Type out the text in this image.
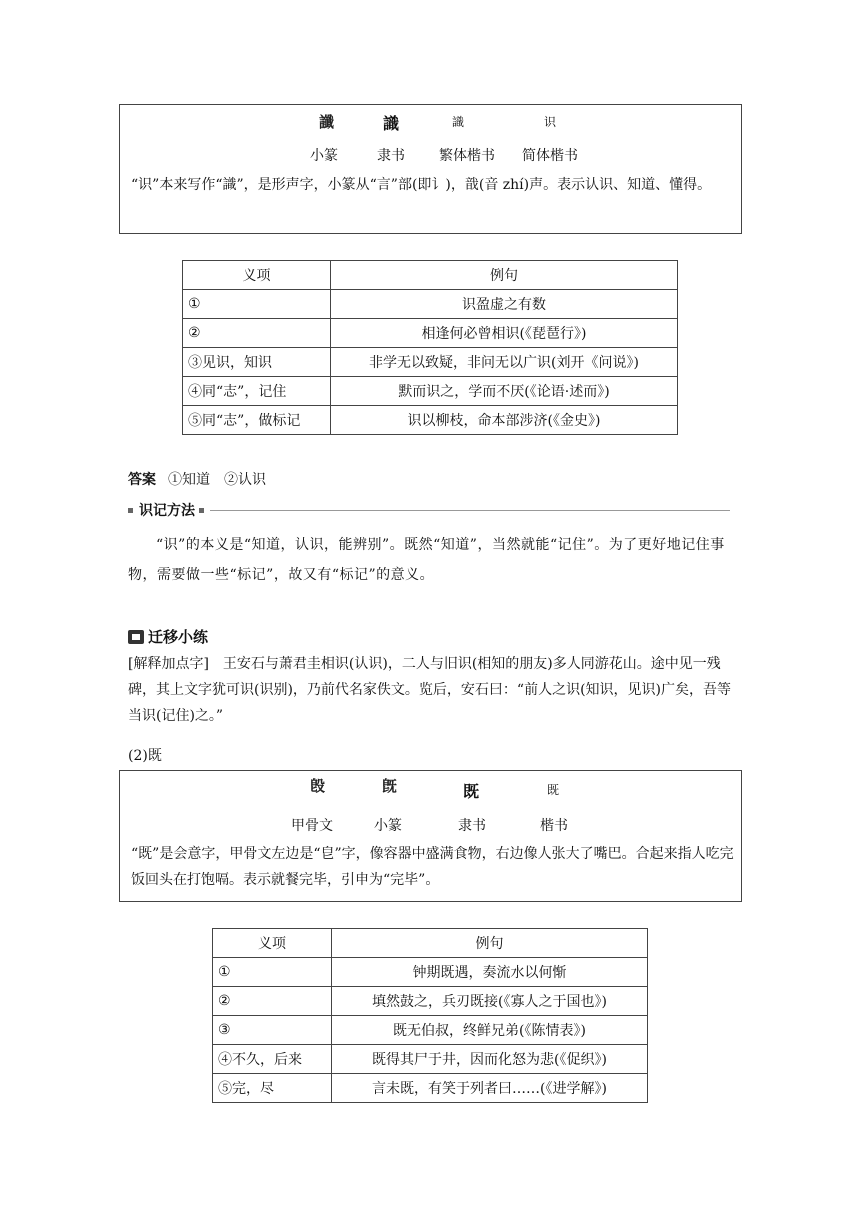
讖	識	識	识
小篆	隶书 繁体楷书 简体楷书
“识”本来写作“識”，是形声字，小篆从“言”部(即讠)，戠(音 zhí)声。表示认识、知道、懂得。
义项	例句
①	识盈虚之有数
②	相逢何必曾相识(《琵琶行》)
③见识，知识	非学无以致疑，非问无以广识(刘开《问说》)
④同“志”，记住	默而识之，学而不厌(《论语·述而》)
⑤同“志”，做标记	识以柳枝，命本部涉济(《金史》)
答案 ①知道　②认识
识记方法
“识”的本义是“知道，认识，能辨别”。既然“知道”，当然就能“记住”。为了更好地记住事物，需要做一些“标记”，故又有“标记”的意义。
迁移小练
[解释加点字]　王安石与萧君圭相识(认识)，二人与旧识(相知的朋友)多人同游花山。途中见一残碑，其上文字犹可识(识别)，乃前代名家佚文。览后，安石曰：“前人之识(知识，见识)广矣，吾等当识(记住)之。”
(2)既
𣪘	旣	既	既
甲骨文	小篆	隶书	楷书
“既”是会意字，甲骨文左边是“皀”字，像容器中盛满食物，右边像人张大了嘴巴。合起来指人吃完饭回头在打饱嗝。表示就餐完毕，引申为“完毕”。
义项	例句
①	钟期既遇，奏流水以何惭
②	填然鼓之，兵刃既接(《寡人之于国也》)
③	既无伯叔，终鲜兄弟(《陈情表》)
④不久，后来	既得其尸于井，因而化怒为悲(《促织》)
⑤完，尽	言未既，有笑于列者曰……(《进学解》)
